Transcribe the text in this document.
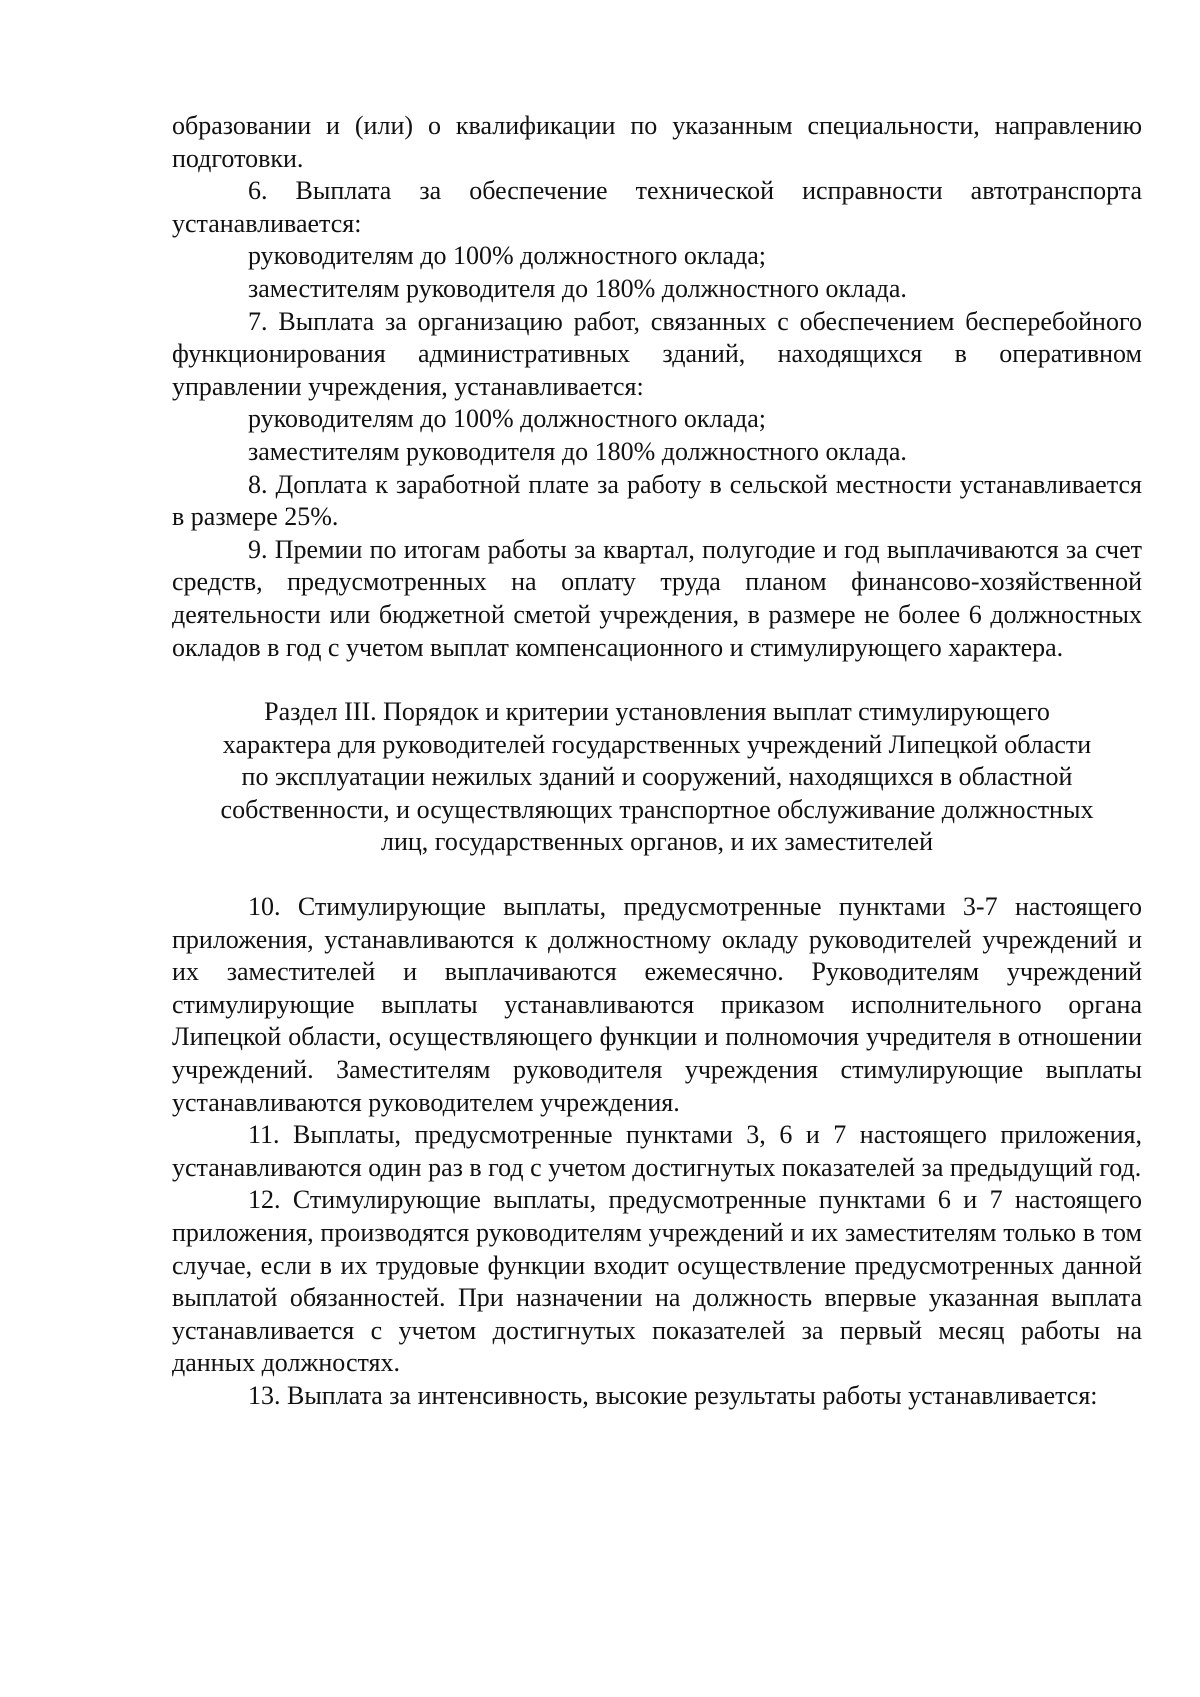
образовании и (или) о квалификации по указанным специальности, направлению подготовки.

6. Выплата за обеспечение технической исправности автотранспорта устанавливается:

руководителям до 100% должностного оклада;

заместителям руководителя до 180% должностного оклада.

7. Выплата за организацию работ, связанных с обеспечением бесперебойного функционирования административных зданий, находящихся в оперативном управлении учреждения, устанавливается:

руководителям до 100% должностного оклада;

заместителям руководителя до 180% должностного оклада.

8. Доплата к заработной плате за работу в сельской местности устанавливается в размере 25%.

9. Премии по итогам работы за квартал, полугодие и год выплачиваются за счет средств, предусмотренных на оплату труда планом финансово-хозяйственной деятельности или бюджетной сметой учреждения, в размере не более 6 должностных окладов в год с учетом выплат компенсационного и стимулирующего характера.

Раздел III. Порядок и критерии установления выплат стимулирующего
характера для руководителей государственных учреждений Липецкой области
по эксплуатации нежилых зданий и сооружений, находящихся в областной
собственности, и осуществляющих транспортное обслуживание должностных
лиц, государственных органов, и их заместителей

10. Стимулирующие выплаты, предусмотренные пунктами 3-7 настоящего приложения, устанавливаются к должностному окладу руководителей учреждений и их заместителей и выплачиваются ежемесячно. Руководителям учреждений стимулирующие выплаты устанавливаются приказом исполнительного органа Липецкой области, осуществляющего функции и полномочия учредителя в отношении учреждений. Заместителям руководителя учреждения стимулирующие выплаты устанавливаются руководителем учреждения.

11. Выплаты, предусмотренные пунктами 3, 6 и 7 настоящего приложения, устанавливаются один раз в год с учетом достигнутых показателей за предыдущий год.

12. Стимулирующие выплаты, предусмотренные пунктами 6 и 7 настоящего приложения, производятся руководителям учреждений и их заместителям только в том случае, если в их трудовые функции входит осуществление предусмотренных данной выплатой обязанностей. При назначении на должность впервые указанная выплата устанавливается с учетом достигнутых показателей за первый месяц работы на данных должностях.

13. Выплата за интенсивность, высокие результаты работы устанавливается:
